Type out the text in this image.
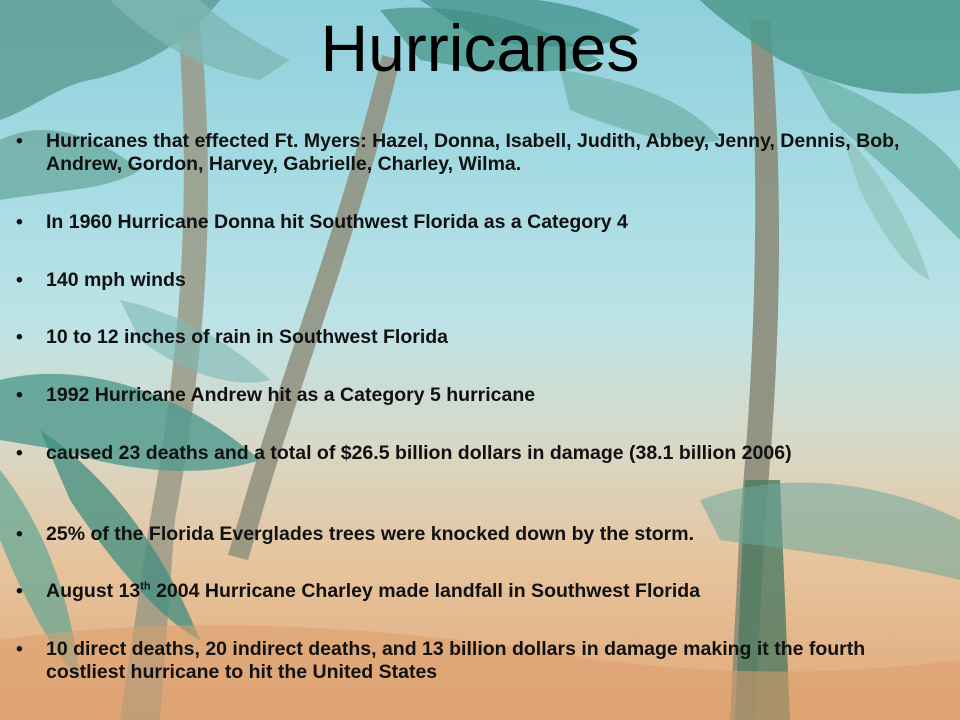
Hurricanes
•	Hurricanes that effected Ft. Myers: Hazel, Donna, Isabell, Judith, Abbey, Jenny, Dennis, Bob, Andrew, Gordon, Harvey, Gabrielle, Charley, Wilma.
•	In 1960 Hurricane Donna hit Southwest Florida as a Category 4
•	140 mph winds
•	10 to 12 inches of rain in Southwest Florida
•	1992 Hurricane Andrew hit as a Category 5 hurricane
•	caused 23 deaths and a total of $26.5 billion dollars in damage (38.1 billion 2006)
•	25% of the Florida Everglades trees were knocked down by the storm.
•	August 13th 2004 Hurricane Charley made landfall in Southwest Florida
•	10 direct deaths, 20 indirect deaths, and 13 billion dollars in damage making it the fourth costliest hurricane to hit the United States
